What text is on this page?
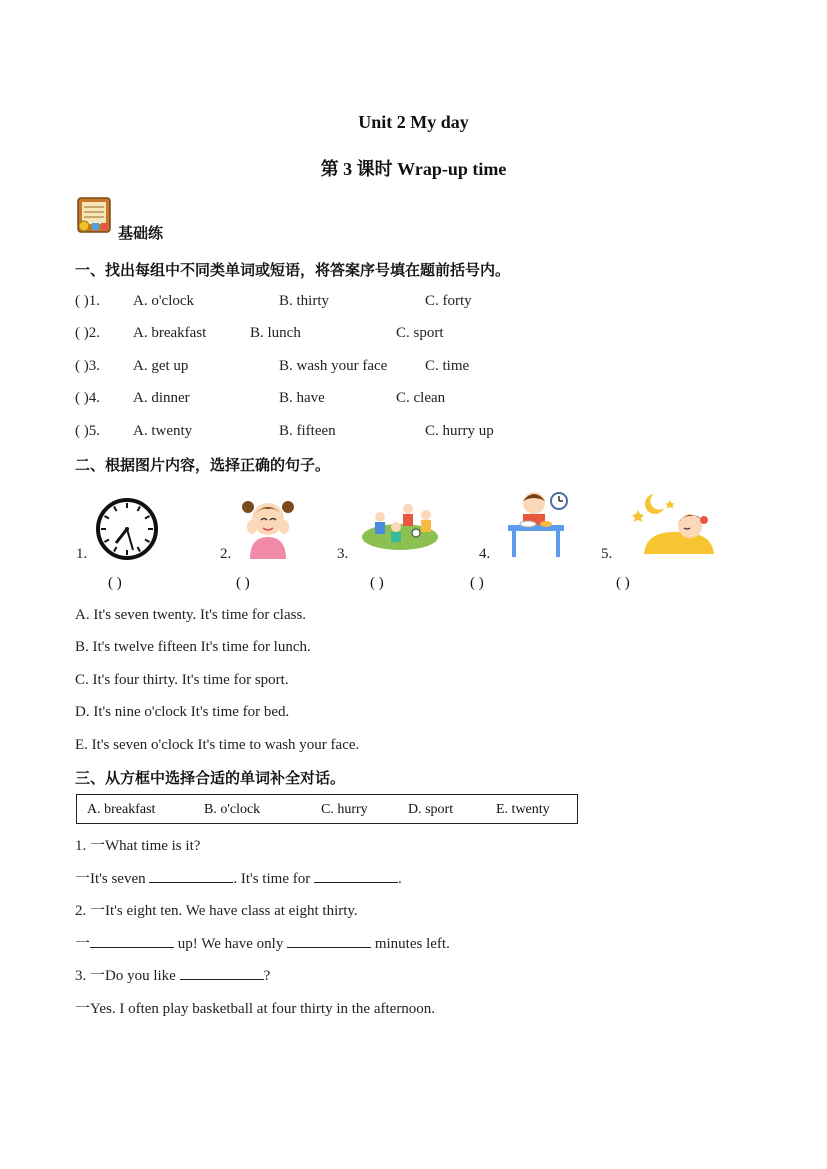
Unit 2 My day
第 3 课时 Wrap-up time
基础练
一、找出每组中不同类单词或短语，将答案序号填在题前括号内。
( )1. A. o'clock	B. thirty	C. forty
( )2. A. breakfast	B. lunch	C. sport
( )3. A. get up	B. wash your face	C. time
( )4. A. dinner	B. have	C. clean
( )5. A. twenty	B. fifteen	C. hurry up
二、根据图片内容，选择正确的句子。
1.
( )
2.
( )
3.
( )
4.
( )
5.
( )
A. It's seven twenty. It's time for class.
B. It's twelve fifteen It's time for lunch.
C. It's four thirty. It's time for sport.
D. It's nine o'clock It's time for bed.
E. It's seven o'clock It's time to wash your face.
三、从方框中选择合适的单词补全对话。
A. breakfast	B. o'clock	C. hurry	D. sport	E. twenty
1. 一What time is it?
一It's seven	. It's time for	.
2. 一It's eight ten. We have class at eight thirty.
一	up! We have only	minutes left.
3. 一Do you like	?
一Yes. I often play basketball at four thirty in the afternoon.
